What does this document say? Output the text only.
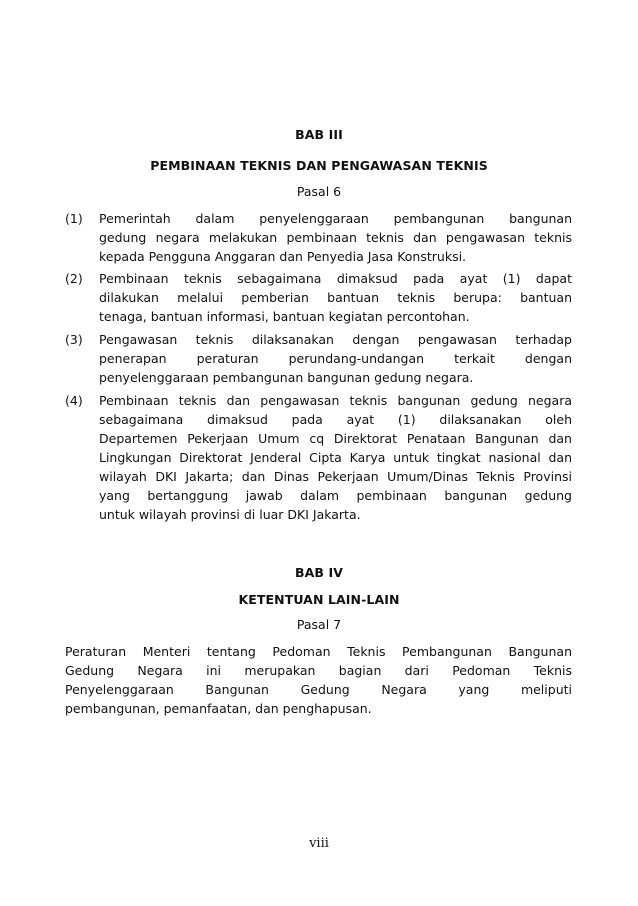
BAB III
PEMBINAAN TEKNIS DAN PENGAWASAN TEKNIS
Pasal 6
(1) Pemerintah dalam penyelenggaraan pembangunan bangunan
gedung negara melakukan pembinaan teknis dan pengawasan teknis
kepada Pengguna Anggaran dan Penyedia Jasa Konstruksi.
(2) Pembinaan teknis sebagaimana dimaksud pada ayat (1) dapat
dilakukan melalui pemberian bantuan teknis berupa: bantuan
tenaga, bantuan informasi, bantuan kegiatan percontohan.
(3) Pengawasan teknis dilaksanakan dengan pengawasan terhadap
penerapan peraturan perundang-undangan terkait dengan
penyelenggaraan pembangunan bangunan gedung negara.
(4) Pembinaan teknis dan pengawasan teknis bangunan gedung negara
sebagaimana dimaksud pada ayat (1) dilaksanakan oleh
Departemen Pekerjaan Umum cq Direktorat Penataan Bangunan dan
Lingkungan Direktorat Jenderal Cipta Karya untuk tingkat nasional dan
wilayah DKI Jakarta; dan Dinas Pekerjaan Umum/Dinas Teknis Provinsi
yang bertanggung jawab dalam pembinaan bangunan gedung
untuk wilayah provinsi di luar DKI Jakarta.
BAB IV
KETENTUAN LAIN-LAIN
Pasal 7
Peraturan Menteri tentang Pedoman Teknis Pembangunan Bangunan
Gedung Negara ini merupakan bagian dari Pedoman Teknis
Penyelenggaraan Bangunan Gedung Negara yang meliputi
pembangunan, pemanfaatan, dan penghapusan.
viii
